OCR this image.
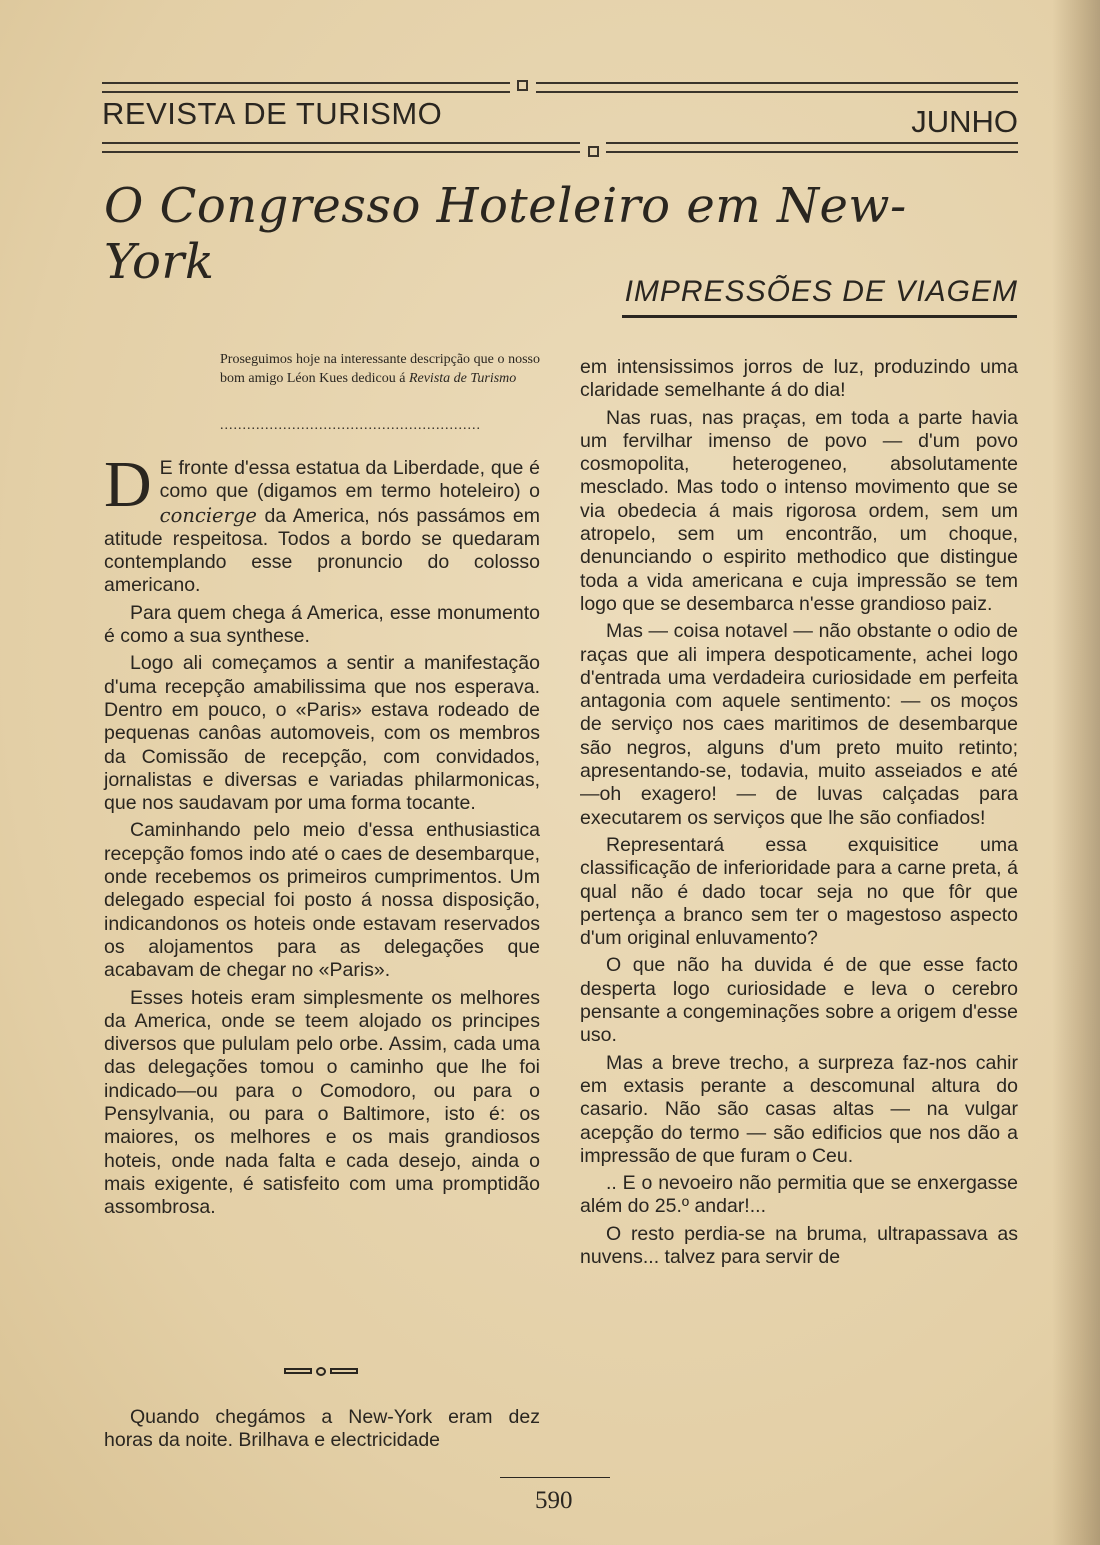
REVISTA DE TURISMO	JUNHO
O Congresso Hoteleiro em New-York
IMPRESSÕES DE VIAGEM
Proseguimos hoje na interessante descripção que o nosso bom amigo Léon Kues dedicou á Revista de Turismo
..........................................................

D E fronte d'essa estatua da Liberdade, que é como que (digamos em termo hoteleiro) o concierge da America, nós passámos em atitude respeitosa. Todos a bordo se quedaram contemplando esse pronuncio do colosso americano.

Para quem chega á America, esse monumento é como a sua synthese.

Logo ali começamos a sentir a manifestação d'uma recepção amabilissima que nos esperava. Dentro em pouco, o «Paris» estava rodeado de pequenas canôas automoveis, com os membros da Comissão de recepção, com convidados, jornalistas e diversas e variadas philarmonicas, que nos saudavam por uma forma tocante.

Caminhando pelo meio d'essa enthusiastica recepção fomos indo até o caes de desembarque, onde recebemos os primeiros cumprimentos. Um delegado especial foi posto á nossa disposição, indicandonos os hoteis onde estavam reservados os alojamentos para as delegações que acabavam de chegar no «Paris».

Esses hoteis eram simplesmente os melhores da America, onde se teem alojado os principes diversos que pululam pelo orbe. Assim, cada uma das delegações tomou o caminho que lhe foi indicado—ou para o Comodoro, ou para o Pensylvania, ou para o Baltimore, isto é: os maiores, os melhores e os mais grandiosos hoteis, onde nada falta e cada desejo, ainda o mais exigente, é satisfeito com uma promptidão assombrosa.

Quando chegámos a New-York eram dez horas da noite. Brilhava e electricidade

em intensissimos jorros de luz, produzindo uma claridade semelhante á do dia!

Nas ruas, nas praças, em toda a parte havia um fervilhar imenso de povo — d'um povo cosmopolita, heterogeneo, absolutamente mesclado. Mas todo o intenso movimento que se via obedecia á mais rigorosa ordem, sem um atropelo, sem um encontrão, um choque, denunciando o espirito methodico que distingue toda a vida americana e cuja impressão se tem logo que se desembarca n'esse grandioso paiz.

Mas — coisa notavel — não obstante o odio de raças que ali impera despoticamente, achei logo d'entrada uma verdadeira curiosidade em perfeita antagonia com aquele sentimento: — os moços de serviço nos caes maritimos de desembarque são negros, alguns d'um preto muito retinto; apresentando-se, todavia, muito asseiados e até —oh exagero! — de luvas calçadas para executarem os serviços que lhe são confiados!

Representará essa exquisitice uma classificação de inferioridade para a carne preta, á qual não é dado tocar seja no que fôr que pertença a branco sem ter o magestoso aspecto d'um original enluvamento?

O que não ha duvida é de que esse facto desperta logo curiosidade e leva o cerebro pensante a congeminações sobre a origem d'esse uso.

Mas a breve trecho, a surpreza faz-nos cahir em extasis perante a descomunal altura do casario. Não são casas altas — na vulgar acepção do termo — são edificios que nos dão a impressão de que furam o Ceu.

.. E o nevoeiro não permitia que se enxergasse além do 25.º andar!...

O resto perdia-se na bruma, ultrapassava as nuvens... talvez para servir de

590
